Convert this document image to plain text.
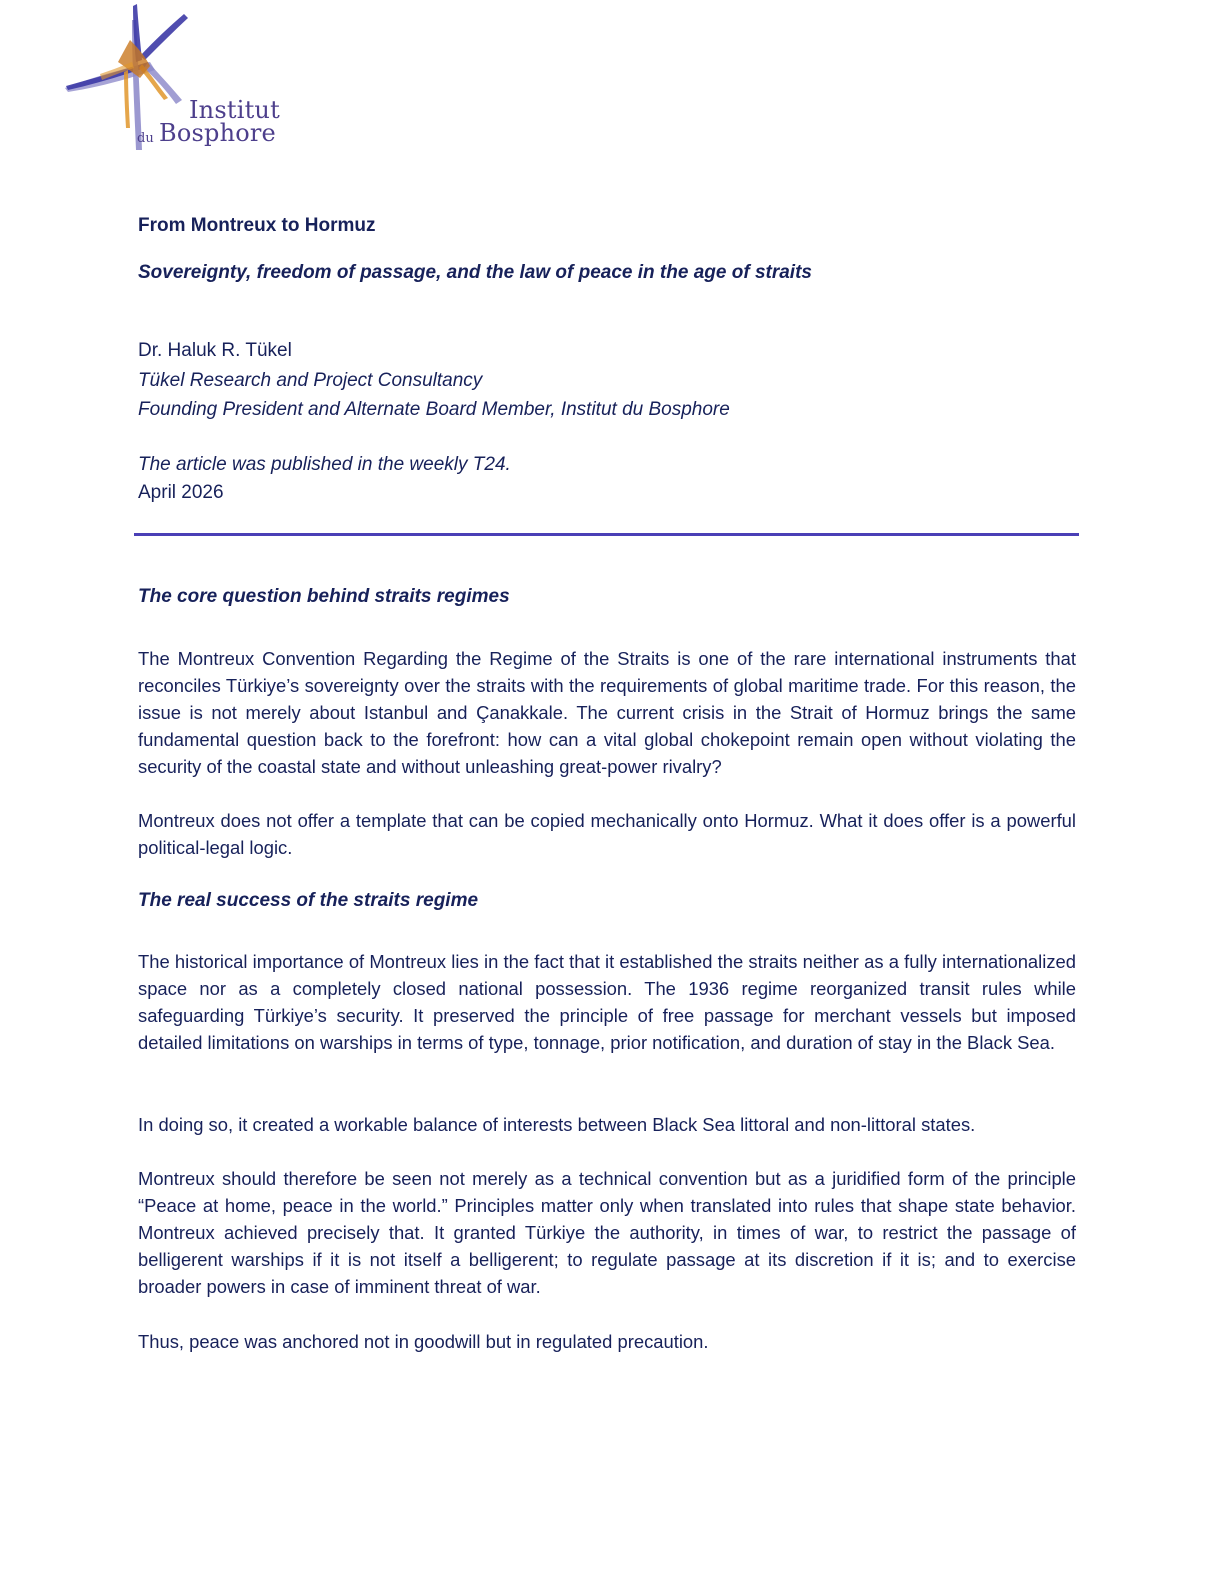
Institut
du Bosphore
From Montreux to Hormuz
Sovereignty, freedom of passage, and the law of peace in the age of straits
Dr. Haluk R. Tükel
Tükel Research and Project Consultancy
Founding President and Alternate Board Member, Institut du Bosphore
The article was published in the weekly T24.
April 2026
The core question behind straits regimes

The Montreux Convention Regarding the Regime of the Straits is one of the rare international instruments that reconciles Türkiye’s sovereignty over the straits with the requirements of global maritime trade. For this reason, the issue is not merely about Istanbul and Çanakkale. The current crisis in the Strait of Hormuz brings the same fundamental question back to the forefront: how can a vital global chokepoint remain open without violating the security of the coastal state and without unleashing great-power rivalry?

Montreux does not offer a template that can be copied mechanically onto Hormuz. What it does offer is a powerful political-legal logic.

The real success of the straits regime

The historical importance of Montreux lies in the fact that it established the straits neither as a fully internationalized space nor as a completely closed national possession. The 1936 regime reorganized transit rules while safeguarding Türkiye’s security. It preserved the principle of free passage for merchant vessels but imposed detailed limitations on warships in terms of type, tonnage, prior notification, and duration of stay in the Black Sea.

In doing so, it created a workable balance of interests between Black Sea littoral and non-littoral states.

Montreux should therefore be seen not merely as a technical convention but as a juridified form of the principle “Peace at home, peace in the world.” Principles matter only when translated into rules that shape state behavior. Montreux achieved precisely that. It granted Türkiye the authority, in times of war, to restrict the passage of belligerent warships if it is not itself a belligerent; to regulate passage at its discretion if it is; and to exercise broader powers in case of imminent threat of war.

Thus, peace was anchored not in goodwill but in regulated precaution.
